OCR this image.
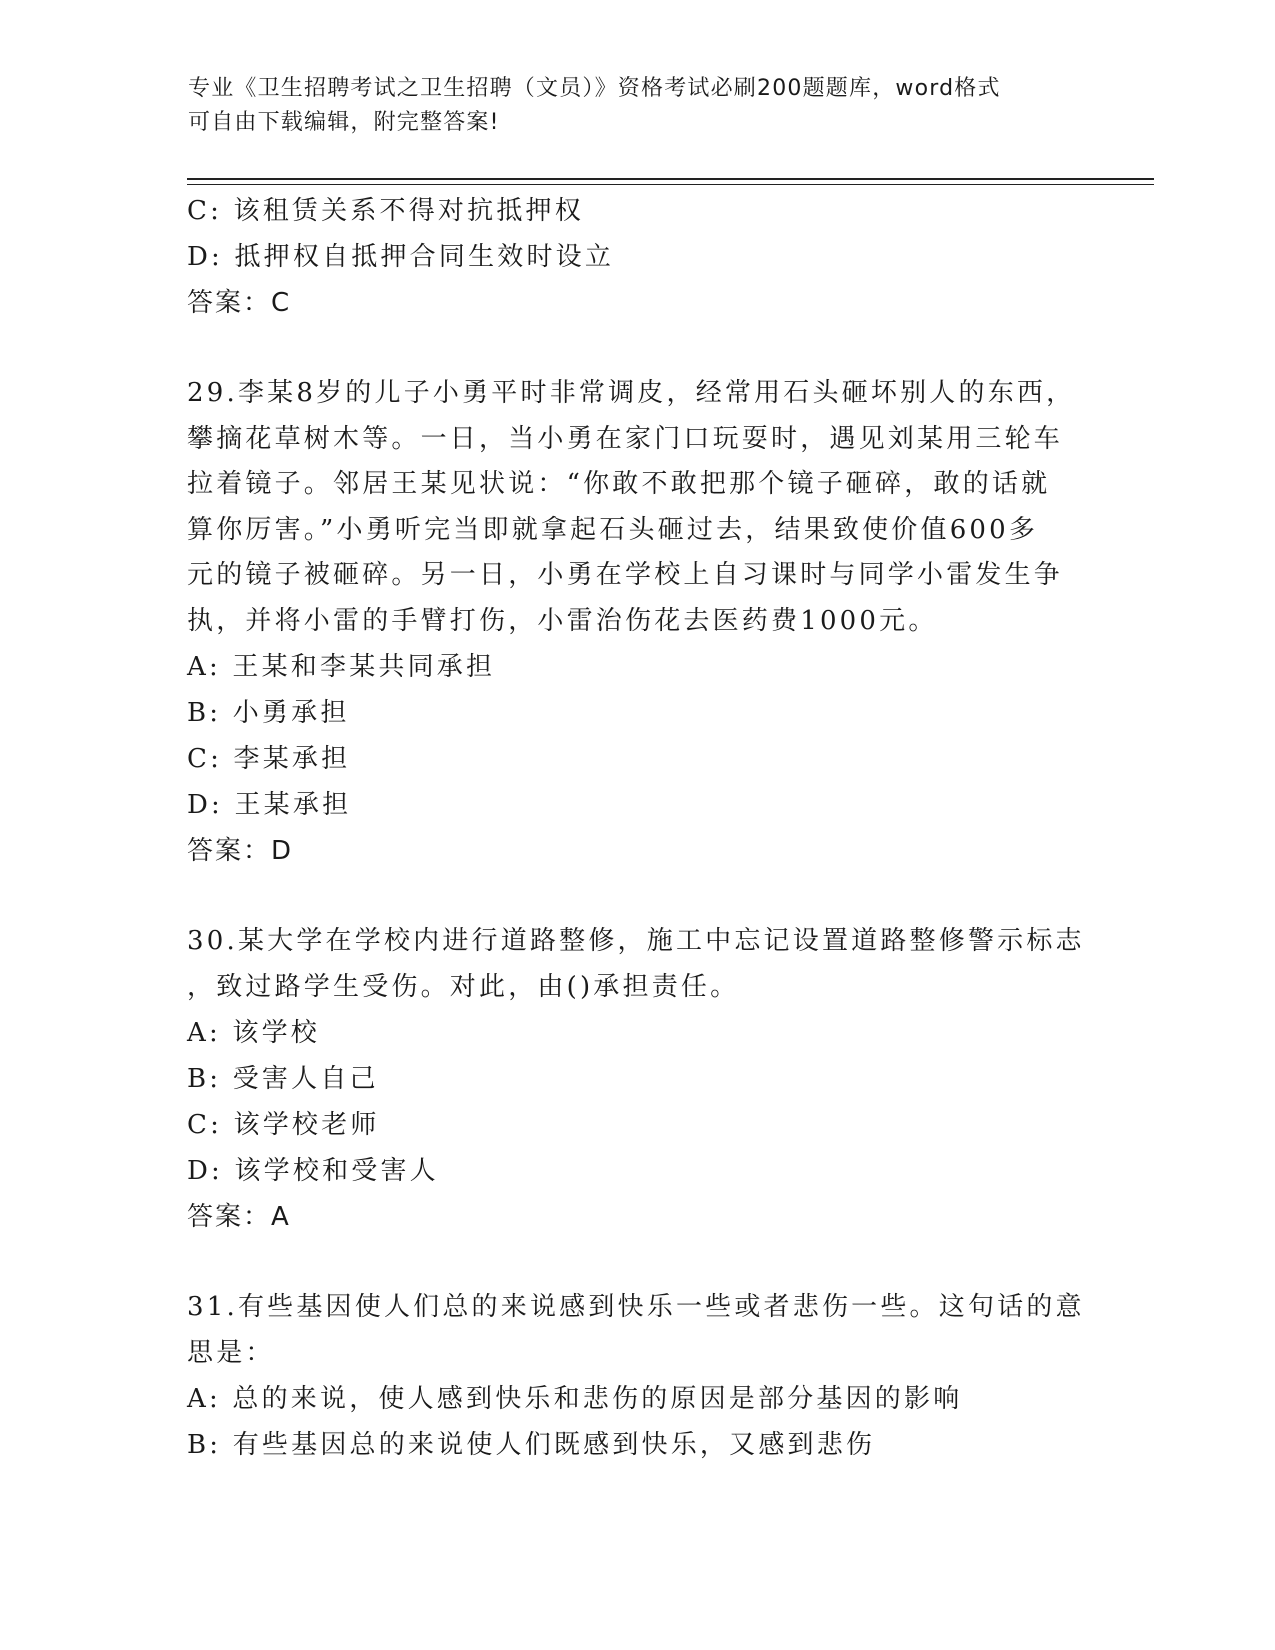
专业《卫生招聘考试之卫生招聘（文员）》资格考试必刷200题题库，word格式
可自由下载编辑，附完整答案!
C: 该租赁关系不得对抗抵押权
D: 抵押权自抵押合同生效时设立
答案：C
29.李某8岁的儿子小勇平时非常调皮，经常用石头砸坏别人的东西，
攀摘花草树木等。一日，当小勇在家门口玩耍时，遇见刘某用三轮车
拉着镜子。邻居王某见状说：“你敢不敢把那个镜子砸碎，敢的话就
算你厉害。”小勇听完当即就拿起石头砸过去，结果致使价值600多
元的镜子被砸碎。另一日，小勇在学校上自习课时与同学小雷发生争
执，并将小雷的手臂打伤，小雷治伤花去医药费1000元。
A: 王某和李某共同承担
B: 小勇承担
C: 李某承担
D: 王某承担
答案：D
30.某大学在学校内进行道路整修，施工中忘记设置道路整修警示标志
，致过路学生受伤。对此，由()承担责任。
A: 该学校
B: 受害人自己
C: 该学校老师
D: 该学校和受害人
答案：A
31.有些基因使人们总的来说感到快乐一些或者悲伤一些。这句话的意
思是：
A: 总的来说，使人感到快乐和悲伤的原因是部分基因的影响
B: 有些基因总的来说使人们既感到快乐，又感到悲伤
